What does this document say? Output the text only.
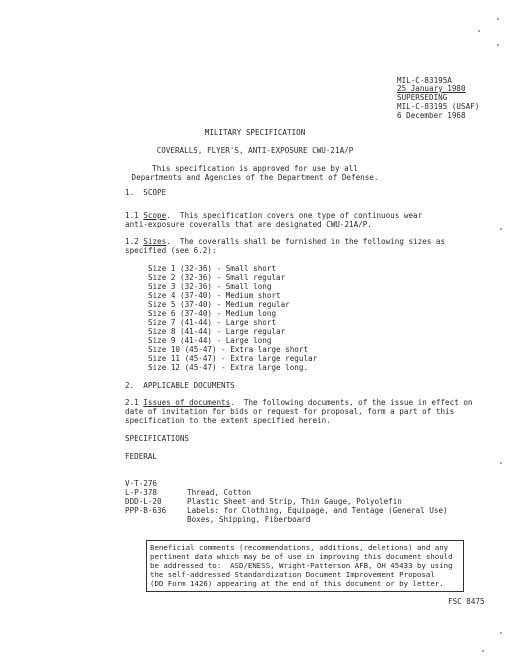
MIL-C-83195A
25 January 1980
SUPERSEDING
MIL-C-83195 (USAF)
6 December 1968
MILITARY SPECIFICATION
COVERALLS, FLYER'S, ANTI-EXPOSURE CWU-21A/P
This specification is approved for use by all
Departments and Agencies of the Department of Defense.
1.  SCOPE
1.1 Scope.  This specification covers one type of continuous wear
anti-exposure coveralls that are designated CWU-21A/P.
1.2 Sizes.  The coveralls shall be furnished in the following sizes as
specified (see 6.2):
Size 1 (32-36) - Small short
Size 2 (32-36) - Small regular
Size 3 (32-36) - Small long
Size 4 (37-40) - Medium short
Size 5 (37-40) - Medium regular
Size 6 (37-40) - Medium long
Size 7 (41-44) - Large short
Size 8 (41-44) - Large regular
Size 9 (41-44) - Large long
Size 10 (45-47) - Extra large short
Size 11 (45-47) - Extra large regular
Size 12 (45-47) - Extra large long.
2.  APPLICABLE DOCUMENTS
2.1 Issues of documents.  The following documents, of the issue in effect on
date of invitation for bids or request for proposal, form a part of this
specification to the extent specified herein.
SPECIFICATIONS
FEDERAL

V-T-276

Thread, Cotton

L-P-378

Plastic Sheet and Strip, Thin Gauge, Polyolefin

DDD-L-20

Labels: for Clothing, Equipage, and Tentage (General Use)

PPP-B-636

Boxes, Shipping, Fiberboard

Beneficial comments (recommendations, additions, deletions) and any
pertinent data which may be of use in improving this document should
be addressed to:  ASD/ENESS, Wright-Patterson AFB, OH 45433 by using
the self-addressed Standardization Document Improvement Proposal
(DD Form 1426) appearing at the end of this document or by letter.
FSC 8475
